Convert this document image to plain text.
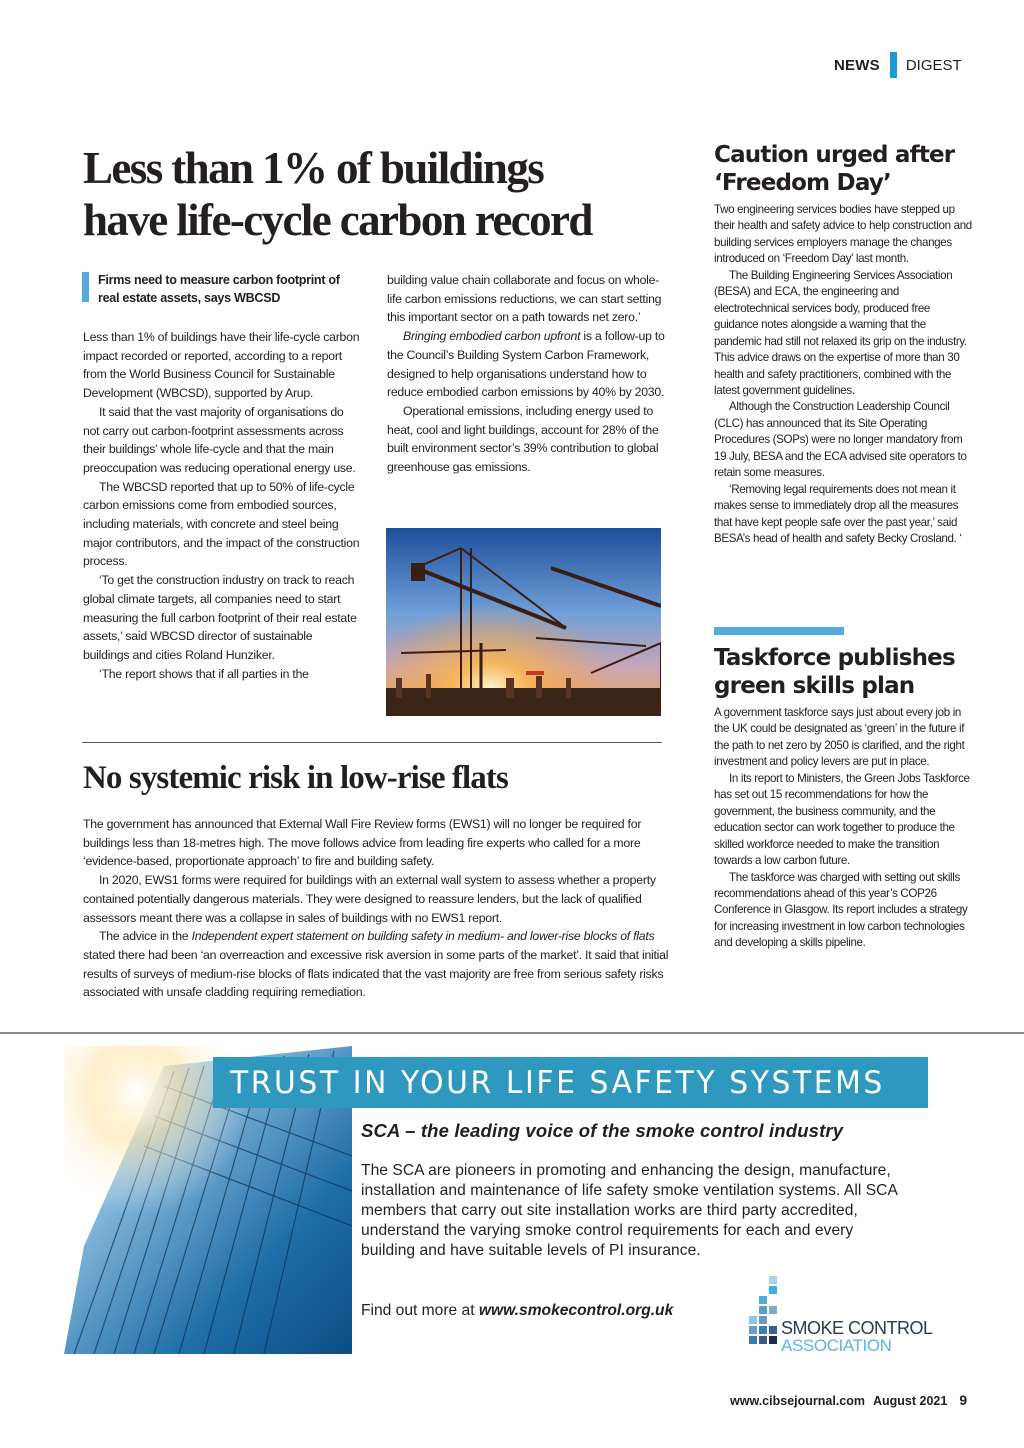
NEWS DIGEST
Less than 1% of buildings
have life-cycle carbon record
Firms need to measure carbon footprint of real estate assets, says WBCSD

Less than 1% of buildings have their life-cycle carbon impact recorded or reported, according to a report from the World Business Council for Sustainable Development (WBCSD), supported by Arup.

It said that the vast majority of organisations do not carry out carbon-footprint assessments across their buildings’ whole life-cycle and that the main preoccupation was reducing operational energy use.

The WBCSD reported that up to 50% of life-cycle carbon emissions come from embodied sources, including materials, with concrete and steel being major contributors, and the impact of the construction process.

‘To get the construction industry on track to reach global climate targets, all companies need to start measuring the full carbon footprint of their real estate assets,’ said WBCSD director of sustainable buildings and cities Roland Hunziker.

‘The report shows that if all parties in the

building value chain collaborate and focus on whole-life carbon emissions reductions, we can start setting this important sector on a path towards net zero.’

Bringing embodied carbon upfront is a follow-up to the Council’s Building System Carbon Framework, designed to help organisations understand how to reduce embodied carbon emissions by 40% by 2030.

Operational emissions, including energy used to heat, cool and light buildings, account for 28% of the built environment sector’s 39% contribution to global greenhouse gas emissions.

No systemic risk in low-rise flats

The government has announced that External Wall Fire Review forms (EWS1) will no longer be required for buildings less than 18-metres high. The move follows advice from leading fire experts who called for a more ‘evidence-based, proportionate approach’ to fire and building safety.

In 2020, EWS1 forms were required for buildings with an external wall system to assess whether a property contained potentially dangerous materials. They were designed to reassure lenders, but the lack of qualified assessors meant there was a collapse in sales of buildings with no EWS1 report.

The advice in the Independent expert statement on building safety in medium- and lower-rise blocks of flats stated there had been ‘an overreaction and excessive risk aversion in some parts of the market’. It said that initial results of surveys of medium-rise blocks of flats indicated that the vast majority are free from serious safety risks associated with unsafe cladding requiring remediation.

Caution urged after
‘Freedom Day’

Two engineering services bodies have stepped up their health and safety advice to help construction and building services employers manage the changes introduced on ‘Freedom Day’ last month.

The Building Engineering Services Association (BESA) and ECA, the engineering and electrotechnical services body, produced free guidance notes alongside a warning that the pandemic had still not relaxed its grip on the industry. This advice draws on the expertise of more than 30 health and safety practitioners, combined with the latest government guidelines.

Although the Construction Leadership Council (CLC) has announced that its Site Operating Procedures (SOPs) were no longer mandatory from 19 July, BESA and the ECA advised site operators to retain some measures.

‘Removing legal requirements does not mean it makes sense to immediately drop all the measures that have kept people safe over the past year,’ said BESA’s head of health and safety Becky Crosland. ‘

Taskforce publishes
green skills plan

A government taskforce says just about every job in the UK could be designated as ‘green’ in the future if the path to net zero by 2050 is clarified, and the right investment and policy levers are put in place.

In its report to Ministers, the Green Jobs Taskforce has set out 15 recommendations for how the government, the business community, and the education sector can work together to produce the skilled workforce needed to make the transition towards a low carbon future.

The taskforce was charged with setting out skills recommendations ahead of this year’s COP26 Conference in Glasgow. Its report includes a strategy for increasing investment in low carbon technologies and developing a skills pipeline.

TRUST IN YOUR LIFE SAFETY SYSTEMS
SCA – the leading voice of the smoke control industry
The SCA are pioneers in promoting and enhancing the design, manufacture, installation and maintenance of life safety smoke ventilation systems. All SCA members that carry out site installation works are third party accredited, understand the varying smoke control requirements for each and every building and have suitable levels of PI insurance.
Find out more at www.smokecontrol.org.uk
SMOKE CONTROL
ASSOCIATION
www.cibsejournal.com August 2021 9
